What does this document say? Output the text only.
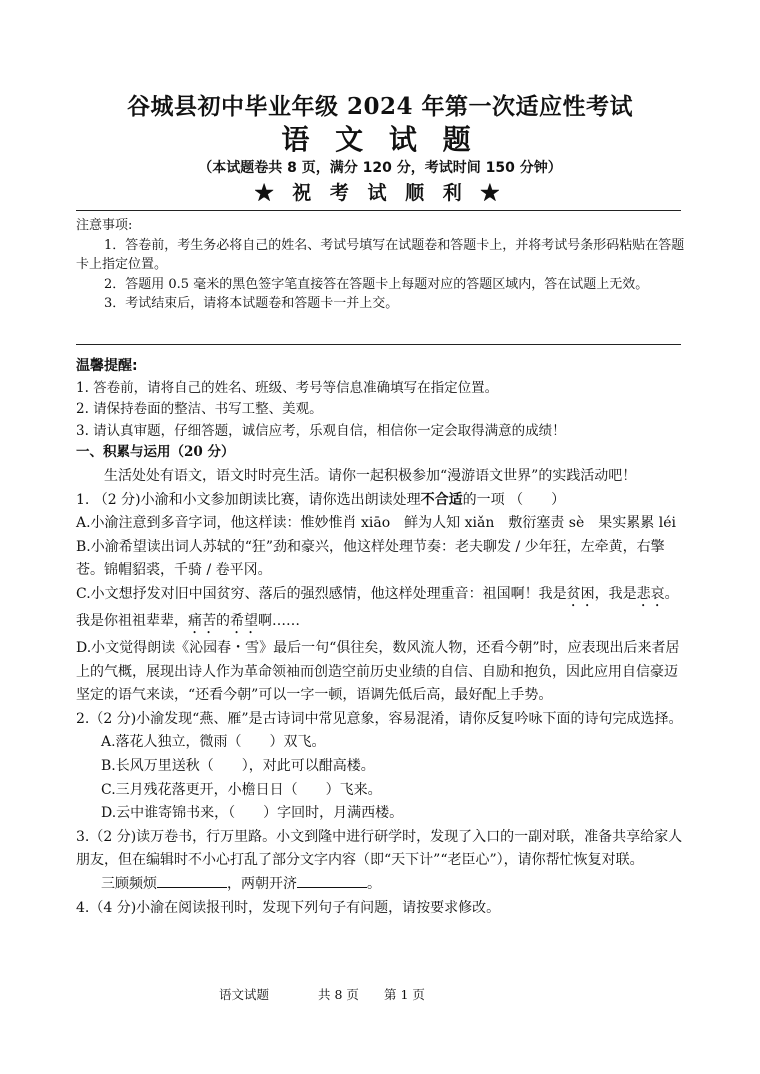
谷城县初中毕业年级 2024 年第一次适应性考试
语 文 试 题
（本试题卷共 8 页，满分 120 分，考试时间 150 分钟）
★ 祝 考 试 顺 利 ★

注意事项:

1．答卷前，考生务必将自己的姓名、考试号填写在试题卷和答题卡上，并将考试号条形码粘贴在答题卡上指定位置。

2．答题用 0.5 毫米的黑色签字笔直接答在答题卡上每题对应的答题区域内，答在试题上无效。

3．考试结束后，请将本试题卷和答题卡一并上交。

温馨提醒:

1. 答卷前，请将自己的姓名、班级、考号等信息准确填写在指定位置。

2. 请保持卷面的整洁、书写工整、美观。

3. 请认真审题，仔细答题，诚信应考，乐观自信，相信你一定会取得满意的成绩！

一、积累与运用（20 分）

生活处处有语文，语文时时亮生活。请你一起积极参加“漫游语文世界”的实践活动吧！

1. （2 分)小渝和小文参加朗读比赛，请你选出朗读处理不合适的一项 （　　）

A.小渝注意到多音字词，他这样读：惟妙惟肖 xiāo　鲜为人知 xiǎn　敷衍塞责 sè　果实累累 léi

B.小渝希望读出词人苏轼的“狂”劲和豪兴，他这样处理节奏：老夫聊发 / 少年狂，左牵黄，右擎苍。锦帽貂裘，千骑 / 卷平冈。

C.小文想抒发对旧中国贫穷、落后的强烈感情，他这样处理重音：祖国啊！我是贫困，我是悲哀。我是你祖祖辈辈，痛苦的希望啊……

D.小文觉得朗读《沁园春・雪》最后一句“俱往矣，数风流人物，还看今朝”时，应表现出后来者居上的气概，展现出诗人作为革命领袖而创造空前历史业绩的自信、自励和抱负，因此应用自信豪迈坚定的语气来读，“还看今朝”可以一字一顿，语调先低后高，最好配上手势。

2.（2 分)小渝发现“燕、雁”是古诗词中常见意象，容易混淆，请你反复吟咏下面的诗句完成选择。

A.落花人独立，微雨（　　）双飞。

B.长风万里送秋（　　），对此可以酣高楼。

C.三月残花落更开，小檐日日（　　）飞来。

D.云中谁寄锦书来，（　　）字回时，月满西楼。

3.（2 分)读万卷书，行万里路。小文到隆中进行研学时，发现了入口的一副对联，准备共享给家人朋友，但在编辑时不小心打乱了部分文字内容（即“天下计”“老臣心”），请你帮忙恢复对联。

三顾频烦	，两朝开济	。

4.（4 分)小渝在阅读报刊时，发现下列句子有问题，请按要求修改。

语文试题	共 8 页 第 1 页
